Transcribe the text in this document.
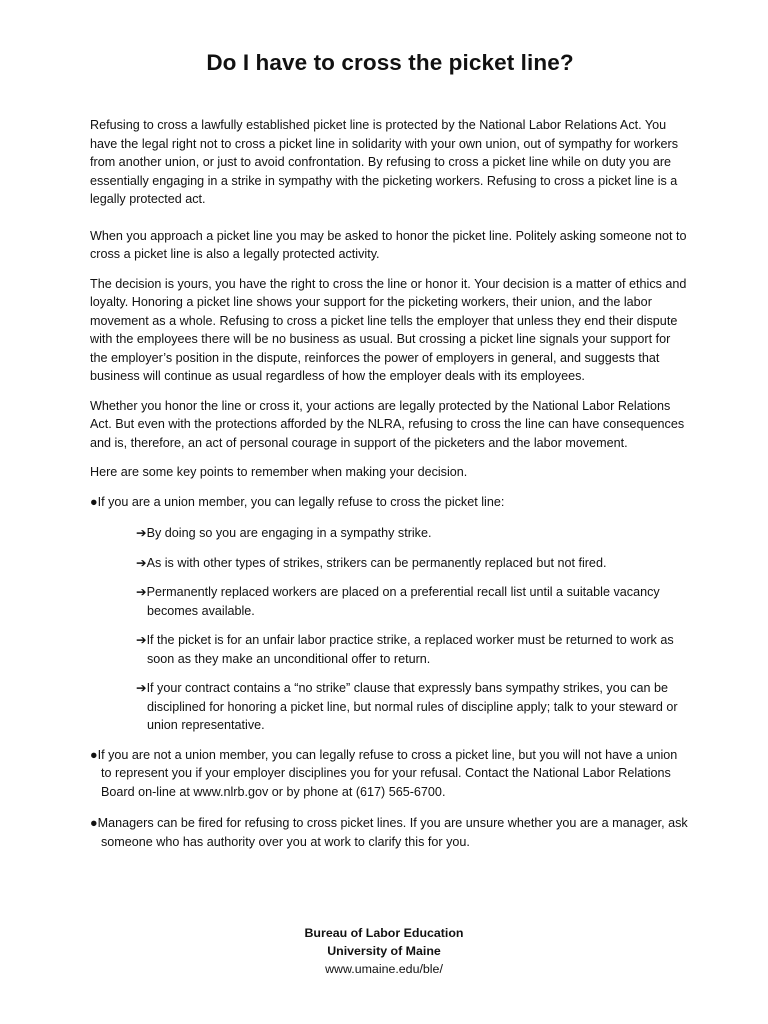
Do I have to cross the picket line?

Refusing to cross a lawfully established picket line is protected by the National Labor Relations Act. You have the legal right not to cross a picket line in solidarity with your own union, out of sympathy for workers from another union, or just to avoid confrontation. By refusing to cross a picket line while on duty you are essentially engaging in a strike in sympathy with the picketing workers. Refusing to cross a picket line is a legally protected act.

When you approach a picket line you may be asked to honor the picket line. Politely asking someone not to cross a picket line is also a legally protected activity.

The decision is yours, you have the right to cross the line or honor it. Your decision is a matter of ethics and loyalty. Honoring a picket line shows your support for the picketing workers, their union, and the labor movement as a whole. Refusing to cross a picket line tells the employer that unless they end their dispute with the employees there will be no business as usual. But crossing a picket line signals your support for the employer’s position in the dispute, reinforces the power of employers in general, and suggests that business will continue as usual regardless of how the employer deals with its employees.

Whether you honor the line or cross it, your actions are legally protected by the National Labor Relations Act. But even with the protections afforded by the NLRA, refusing to cross the line can have consequences and is, therefore, an act of personal courage in support of the picketers and the labor movement.

Here are some key points to remember when making your decision.

●If you are a union member, you can legally refuse to cross the picket line:
➔By doing so you are engaging in a sympathy strike.
➔As is with other types of strikes, strikers can be permanently replaced but not fired.
➔Permanently replaced workers are placed on a preferential recall list until a suitable vacancy becomes available.
➔If the picket is for an unfair labor practice strike, a replaced worker must be returned to work as soon as they make an unconditional offer to return.
➔If your contract contains a “no strike” clause that expressly bans sympathy strikes, you can be disciplined for honoring a picket line, but normal rules of discipline apply; talk to your steward or union representative.
●If you are not a union member, you can legally refuse to cross a picket line, but you will not have a union to represent you if your employer disciplines you for your refusal. Contact the National Labor Relations Board on-line at www.nlrb.gov or by phone at (617) 565-6700.
●Managers can be fired for refusing to cross picket lines. If you are unsure whether you are a manager, ask someone who has authority over you at work to clarify this for you.
Bureau of Labor Education
University of Maine
www.umaine.edu/ble/
